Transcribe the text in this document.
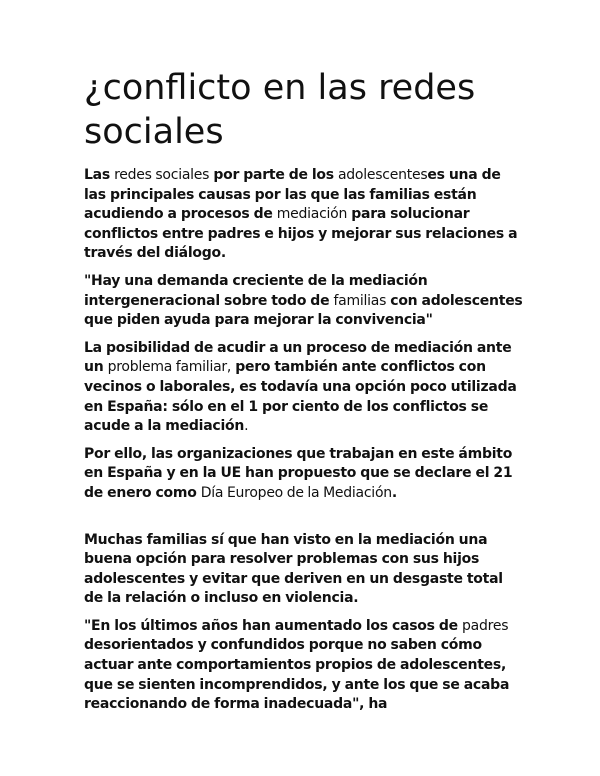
¿conflicto en las redes sociales

Las redes sociales por parte de los adolescenteses una de las principales causas por las que las familias están acudiendo a procesos de mediación para solucionar conflictos entre padres e hijos y mejorar sus relaciones a través del diálogo.

"Hay una demanda creciente de la mediación intergeneracional sobre todo de familias con adolescentes que piden ayuda para mejorar la convivencia"

La posibilidad de acudir a un proceso de mediación ante un problema familiar, pero también ante conflictos con vecinos o laborales, es todavía una opción poco utilizada en España: sólo en el 1 por ciento de los conflictos se acude a la mediación.

Por ello, las organizaciones que trabajan en este ámbito en España y en la UE han propuesto que se declare el 21 de enero como Día Europeo de la Mediación.

Muchas familias sí que han visto en la mediación una buena opción para resolver problemas con sus hijos adolescentes y evitar que deriven en un desgaste total de la relación o incluso en violencia.

"En los últimos años han aumentado los casos de padres desorientados y confundidos porque no saben cómo actuar ante comportamientos propios de adolescentes, que se sienten incomprendidos, y ante los que se acaba reaccionando de forma inadecuada", ha
